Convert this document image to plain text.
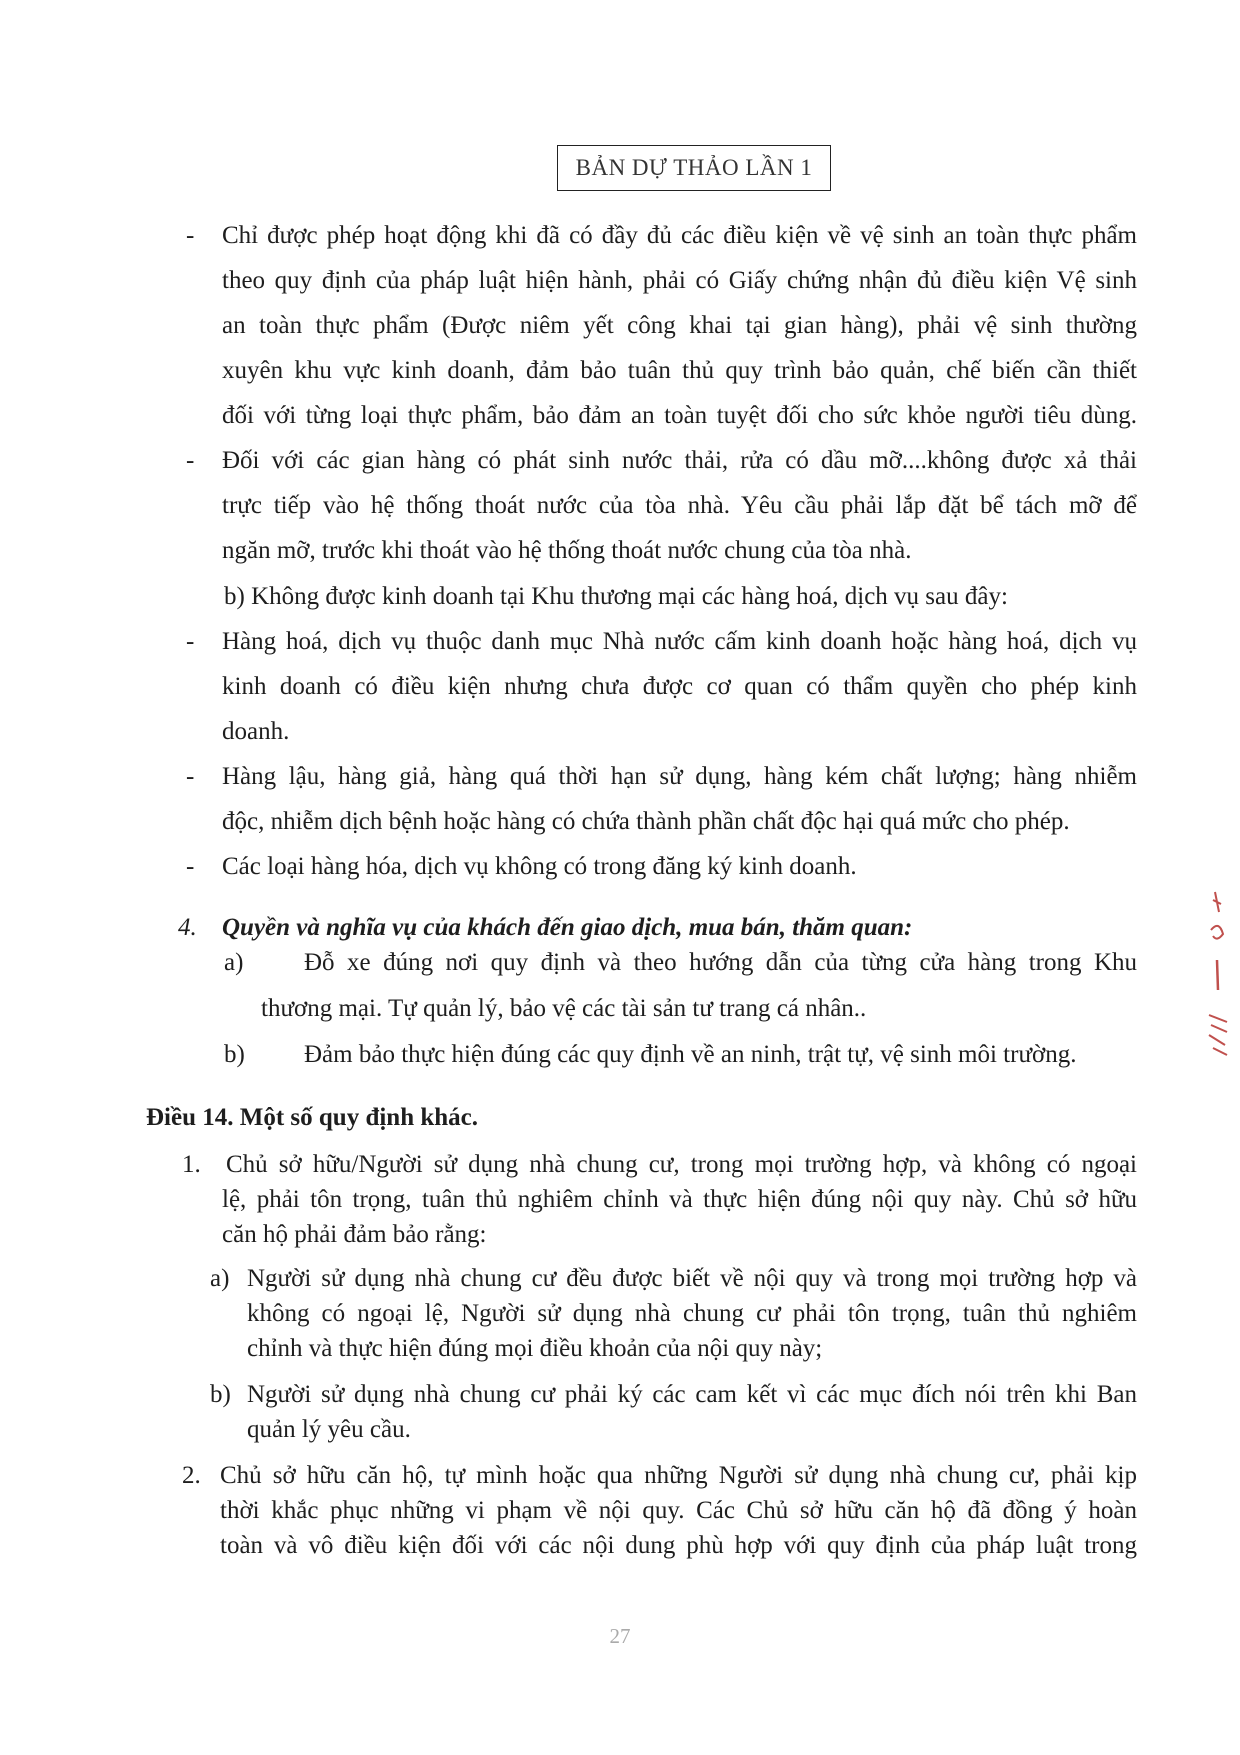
BẢN DỰ THẢO LẦN 1
- Chỉ được phép hoạt động khi đã có đầy đủ các điều kiện về vệ sinh an toàn thực phẩm
theo quy định của pháp luật hiện hành, phải có Giấy chứng nhận đủ điều kiện Vệ sinh
an toàn thực phẩm (Được niêm yết công khai tại gian hàng), phải vệ sinh thường
xuyên khu vực kinh doanh, đảm bảo tuân thủ quy trình bảo quản, chế biến cần thiết
đối với từng loại thực phẩm, bảo đảm an toàn tuyệt đối cho sức khỏe người tiêu dùng.
- Đối với các gian hàng có phát sinh nước thải, rửa có dầu mỡ....không được xả thải
trực tiếp vào hệ thống thoát nước của tòa nhà. Yêu cầu phải lắp đặt bể tách mỡ để
ngăn mỡ, trước khi thoát vào hệ thống thoát nước chung của tòa nhà.
b) Không được kinh doanh tại Khu thương mại các hàng hoá, dịch vụ sau đây:
- Hàng hoá, dịch vụ thuộc danh mục Nhà nước cấm kinh doanh hoặc hàng hoá, dịch vụ
kinh doanh có điều kiện nhưng chưa được cơ quan có thẩm quyền cho phép kinh
doanh.
- Hàng lậu, hàng giả, hàng quá thời hạn sử dụng, hàng kém chất lượng; hàng nhiễm
độc, nhiễm dịch bệnh hoặc hàng có chứa thành phần chất độc hại quá mức cho phép.
- Các loại hàng hóa, dịch vụ không có trong đăng ký kinh doanh.
4. Quyền và nghĩa vụ của khách đến giao dịch, mua bán, thăm quan:
a) Đỗ xe đúng nơi quy định và theo hướng dẫn của từng cửa hàng trong Khu
thương mại. Tự quản lý, bảo vệ các tài sản tư trang cá nhân..
b) Đảm bảo thực hiện đúng các quy định về an ninh, trật tự, vệ sinh môi trường.
Điều 14. Một số quy định khác.
1. Chủ sở hữu/Người sử dụng nhà chung cư, trong mọi trường hợp, và không có ngoại
lệ, phải tôn trọng, tuân thủ nghiêm chỉnh và thực hiện đúng nội quy này. Chủ sở hữu
căn hộ phải đảm bảo rằng:
a) Người sử dụng nhà chung cư đều được biết về nội quy và trong mọi trường hợp và
không có ngoại lệ, Người sử dụng nhà chung cư phải tôn trọng, tuân thủ nghiêm
chỉnh và thực hiện đúng mọi điều khoản của nội quy này;
b) Người sử dụng nhà chung cư phải ký các cam kết vì các mục đích nói trên khi Ban
quản lý yêu cầu.
2. Chủ sở hữu căn hộ, tự mình hoặc qua những Người sử dụng nhà chung cư, phải kịp
thời khắc phục những vi phạm về nội quy. Các Chủ sở hữu căn hộ đã đồng ý hoàn
toàn và vô điều kiện đối với các nội dung phù hợp với quy định của pháp luật trong
27
